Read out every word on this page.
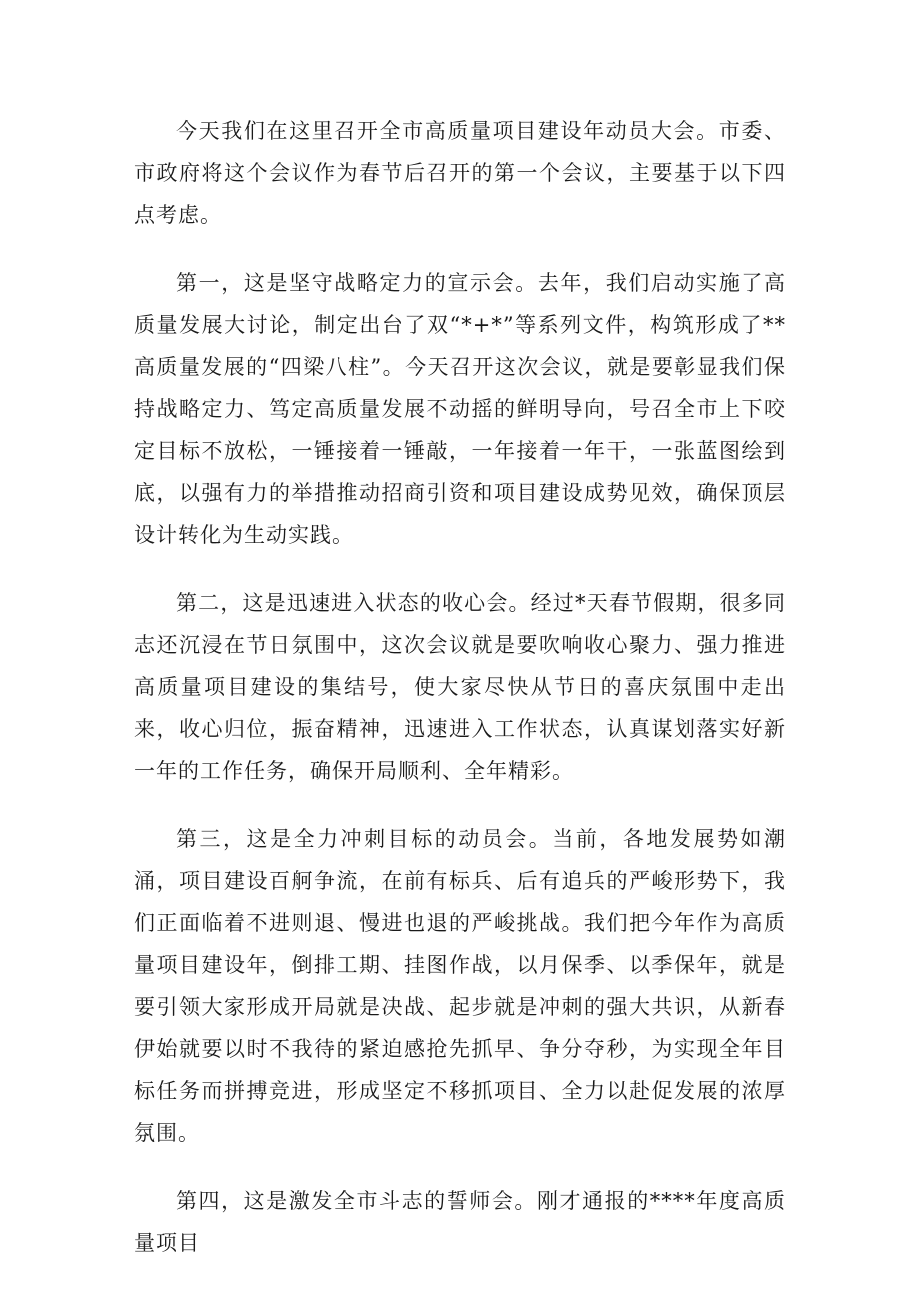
今天我们在这里召开全市高质量项目建设年动员大会。市委、市政府将这个会议作为春节后召开的第一个会议，主要基于以下四点考虑。

第一，这是坚守战略定力的宣示会。去年，我们启动实施了高质量发展大讨论，制定出台了双“*+*”等系列文件，构筑形成了**高质量发展的“四梁八柱”。今天召开这次会议，就是要彰显我们保持战略定力、笃定高质量发展不动摇的鲜明导向，号召全市上下咬定目标不放松，一锤接着一锤敲，一年接着一年干，一张蓝图绘到底，以强有力的举措推动招商引资和项目建设成势见效，确保顶层设计转化为生动实践。

第二，这是迅速进入状态的收心会。经过*天春节假期，很多同志还沉浸在节日氛围中，这次会议就是要吹响收心聚力、强力推进高质量项目建设的集结号，使大家尽快从节日的喜庆氛围中走出来，收心归位，振奋精神，迅速进入工作状态，认真谋划落实好新一年的工作任务，确保开局顺利、全年精彩。

第三，这是全力冲刺目标的动员会。当前，各地发展势如潮涌，项目建设百舸争流，在前有标兵、后有追兵的严峻形势下，我们正面临着不进则退、慢进也退的严峻挑战。我们把今年作为高质量项目建设年，倒排工期、挂图作战，以月保季、以季保年，就是要引领大家形成开局就是决战、起步就是冲刺的强大共识，从新春伊始就要以时不我待的紧迫感抢先抓早、争分夺秒，为实现全年目标任务而拼搏竞进，形成坚定不移抓项目、全力以赴促发展的浓厚氛围。

第四，这是激发全市斗志的誓师会。刚才通报的****年度高质量项目
